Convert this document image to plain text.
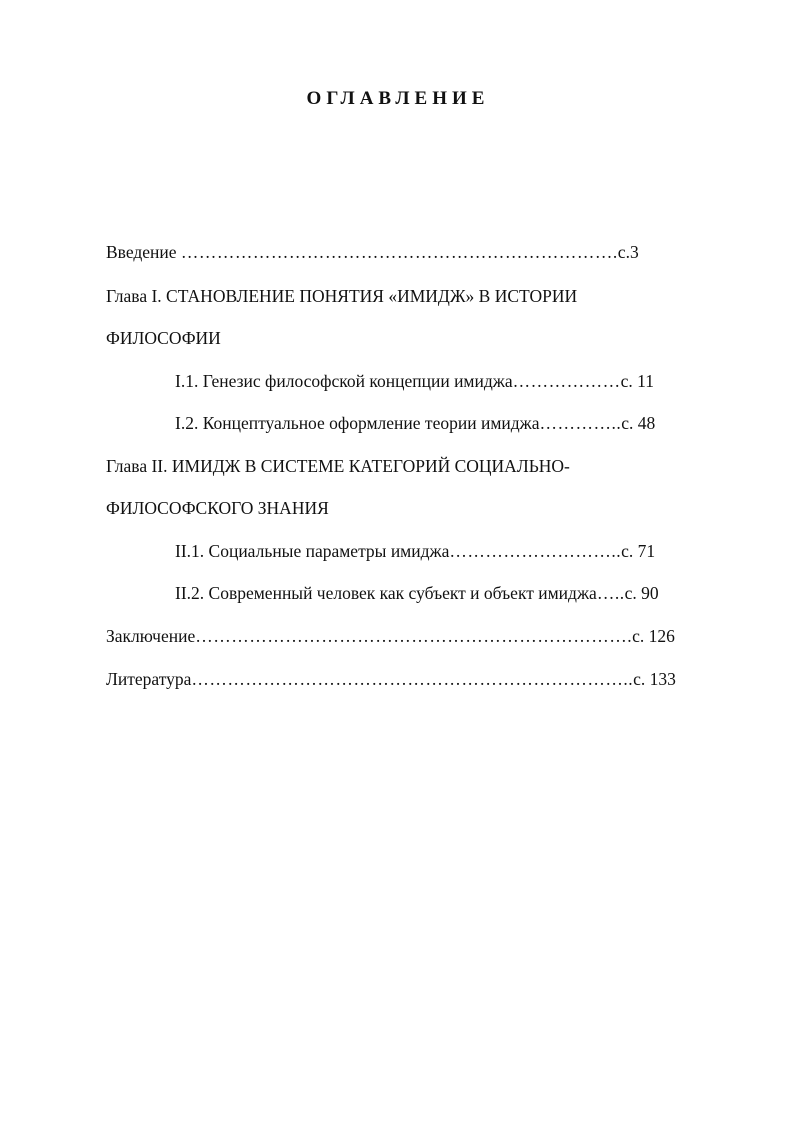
ОГЛАВЛЕНИЕ
Введение ……………………………………………………………….с.3
Глава I. СТАНОВЛЕНИЕ ПОНЯТИЯ «ИМИДЖ» В ИСТОРИИ
ФИЛОСОФИИ
I.1. Генезис философской концепции имиджа………………с. 11
I.2. Концептуальное оформление теории имиджа…………..с. 48
Глава II. ИМИДЖ В СИСТЕМЕ КАТЕГОРИЙ СОЦИАЛЬНО-
ФИЛОСОФСКОГО ЗНАНИЯ
II.1. Социальные параметры имиджа………………………..с. 71
II.2. Современный человек как субъект и объект имиджа…..с. 90
Заключение……………………………………………………………….с. 126
Литература………………………………………………………………..с. 133
